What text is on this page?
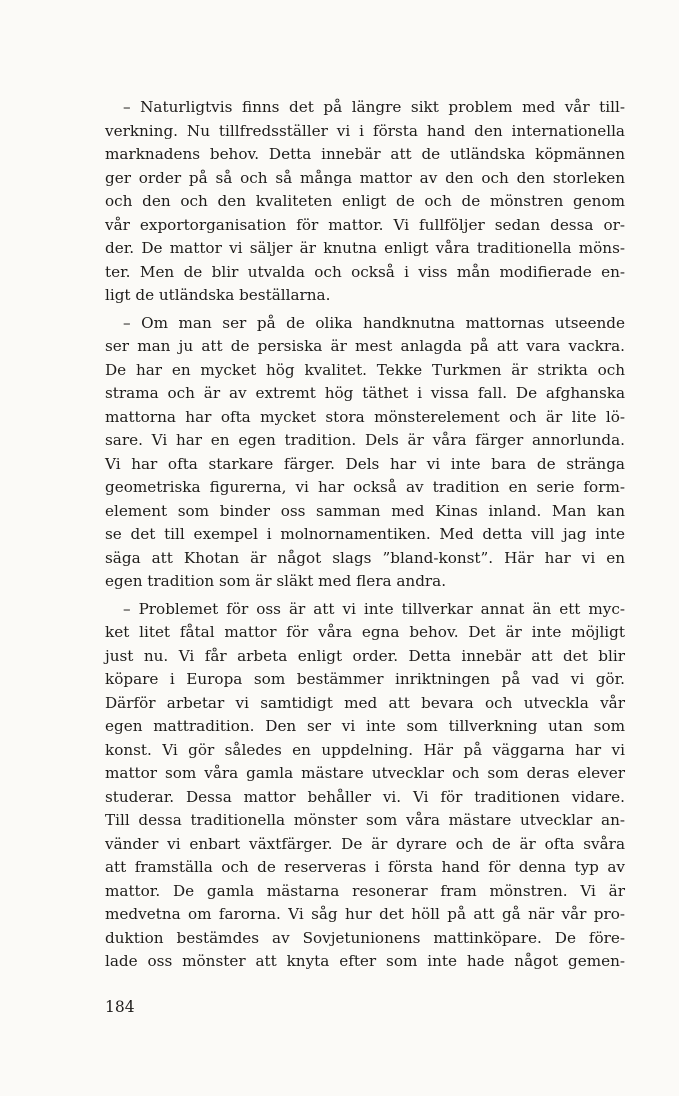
– Naturligtvis finns det på längre sikt problem med vår till-
verkning. Nu tillfredsställer vi i första hand den internationella
marknadens behov. Detta innebär att de utländska köpmännen
ger order på så och så många mattor av den och den storleken
och den och den kvaliteten enligt de och de mönstren genom
vår exportorganisation för mattor. Vi fullföljer sedan dessa or-
der. De mattor vi säljer är knutna enligt våra traditionella möns-
ter. Men de blir utvalda och också i viss mån modifierade en-
ligt de utländska beställarna.
– Om man ser på de olika handknutna mattornas utseende
ser man ju att de persiska är mest anlagda på att vara vackra.
De har en mycket hög kvalitet. Tekke Turkmen är strikta och
strama och är av extremt hög täthet i vissa fall. De afghanska
mattorna har ofta mycket stora mönsterelement och är lite lö-
sare. Vi har en egen tradition. Dels är våra färger annorlunda.
Vi har ofta starkare färger. Dels har vi inte bara de stränga
geometriska figurerna, vi har också av tradition en serie form-
element som binder oss samman med Kinas inland. Man kan
se det till exempel i molnornamentiken. Med detta vill jag inte
säga att Khotan är något slags ”bland-konst”. Här har vi en
egen tradition som är släkt med flera andra.
– Problemet för oss är att vi inte tillverkar annat än ett myc-
ket litet fåtal mattor för våra egna behov. Det är inte möjligt
just nu. Vi får arbeta enligt order. Detta innebär att det blir
köpare i Europa som bestämmer inriktningen på vad vi gör.
Därför arbetar vi samtidigt med att bevara och utveckla vår
egen mattradition. Den ser vi inte som tillverkning utan som
konst. Vi gör således en uppdelning. Här på väggarna har vi
mattor som våra gamla mästare utvecklar och som deras elever
studerar. Dessa mattor behåller vi. Vi för traditionen vidare.
Till dessa traditionella mönster som våra mästare utvecklar an-
vänder vi enbart växtfärger. De är dyrare och de är ofta svåra
att framställa och de reserveras i första hand för denna typ av
mattor. De gamla mästarna resonerar fram mönstren. Vi är
medvetna om farorna. Vi såg hur det höll på att gå när vår pro-
duktion bestämdes av Sovjetunionens mattinköpare. De före-
lade oss mönster att knyta efter som inte hade något gemen-
184
